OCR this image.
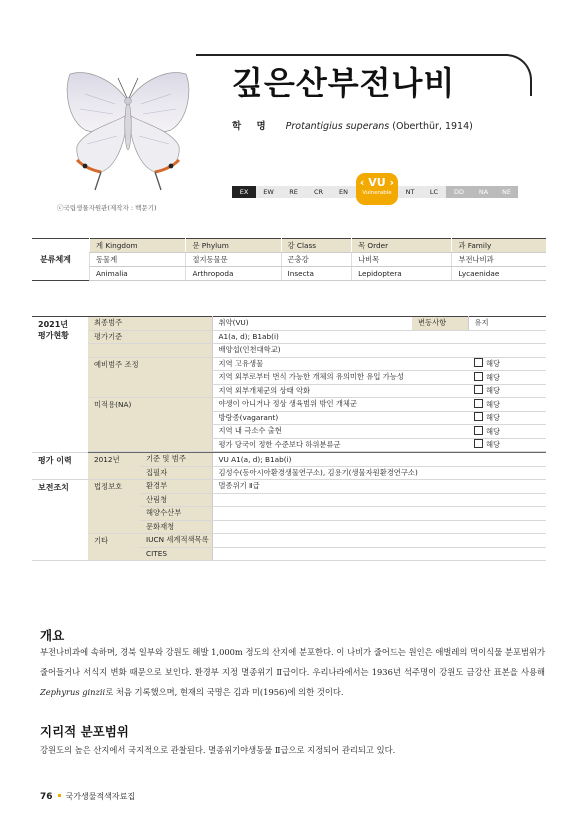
깊은산부전나비
학 명 Protantigius superans (Oberthür, 1914)
ⓒ국립생물자원관(제작자 : 백문기)
EX	EW	RE	CR	EN
‹ VU ›
Vulnerable	NT	LC	DD	NA	NE
분류체계	계 Kingdom	문 Phylum	강 Class	목 Order	과 Family
	동물계	절지동물문	곤충강	나비목	부전나비과
	Animalia	Arthropoda	Insecta	Lepidoptera	Lycaenidae
2021년
평가현황	최종범주		취약(VU)	변동사항	유지
	평가기준		A1(a, d); B1ab(i)		
			배양섭(인천대학교)		
	예비범주 조정		지역 고유생물		해당
			지역 외부로부터 번식 가능한 개체의 유의미한 유입 가능성		해당
			지역 외부개체군의 상태 악화		해당
	미적용(NA)		야생이 아니거나 정상 생육범위 밖인 개체군		해당
			방랑종(vagarant)		해당
			지역 내 극소수 출현		해당
			평가 당국이 정한 수준보다 하위분류군		해당

평가 이력	2012년	기준 및 범주	VU A1(a, d); B1ab(i)		
		집필자	김성수(동아시아환경생물연구소), 김용기(생물자원환경연구소)		
보전조치	법정보호	환경부	멸종위기 Ⅱ급		
		산림청			
		해양수산부			
		문화재청			
	기타	IUCN 세계적색목록			
		CITES			
개요
부전나비과에 속하며, 경북 일부와 강원도 해발 1,000m 정도의 산지에 분포한다. 이 나비가 줄어드는 원인은 애벌레의 먹이식물 분포범위가 줄어들거나 서식지 변화 때문으로 보인다. 환경부 지정 멸종위기 Ⅱ급이다. 우리나라에서는 1936년 석주명이 강원도 금강산 표본을 사용해 Zephyrus ginzii로 처음 기록했으며, 현재의 국명은 김과 미(1956)에 의한 것이다.
지리적 분포범위
강원도의 높은 산지에서 국지적으로 관찰된다. 멸종위기야생동물 Ⅱ급으로 지정되어 관리되고 있다.
76 국가생물적색자료집
